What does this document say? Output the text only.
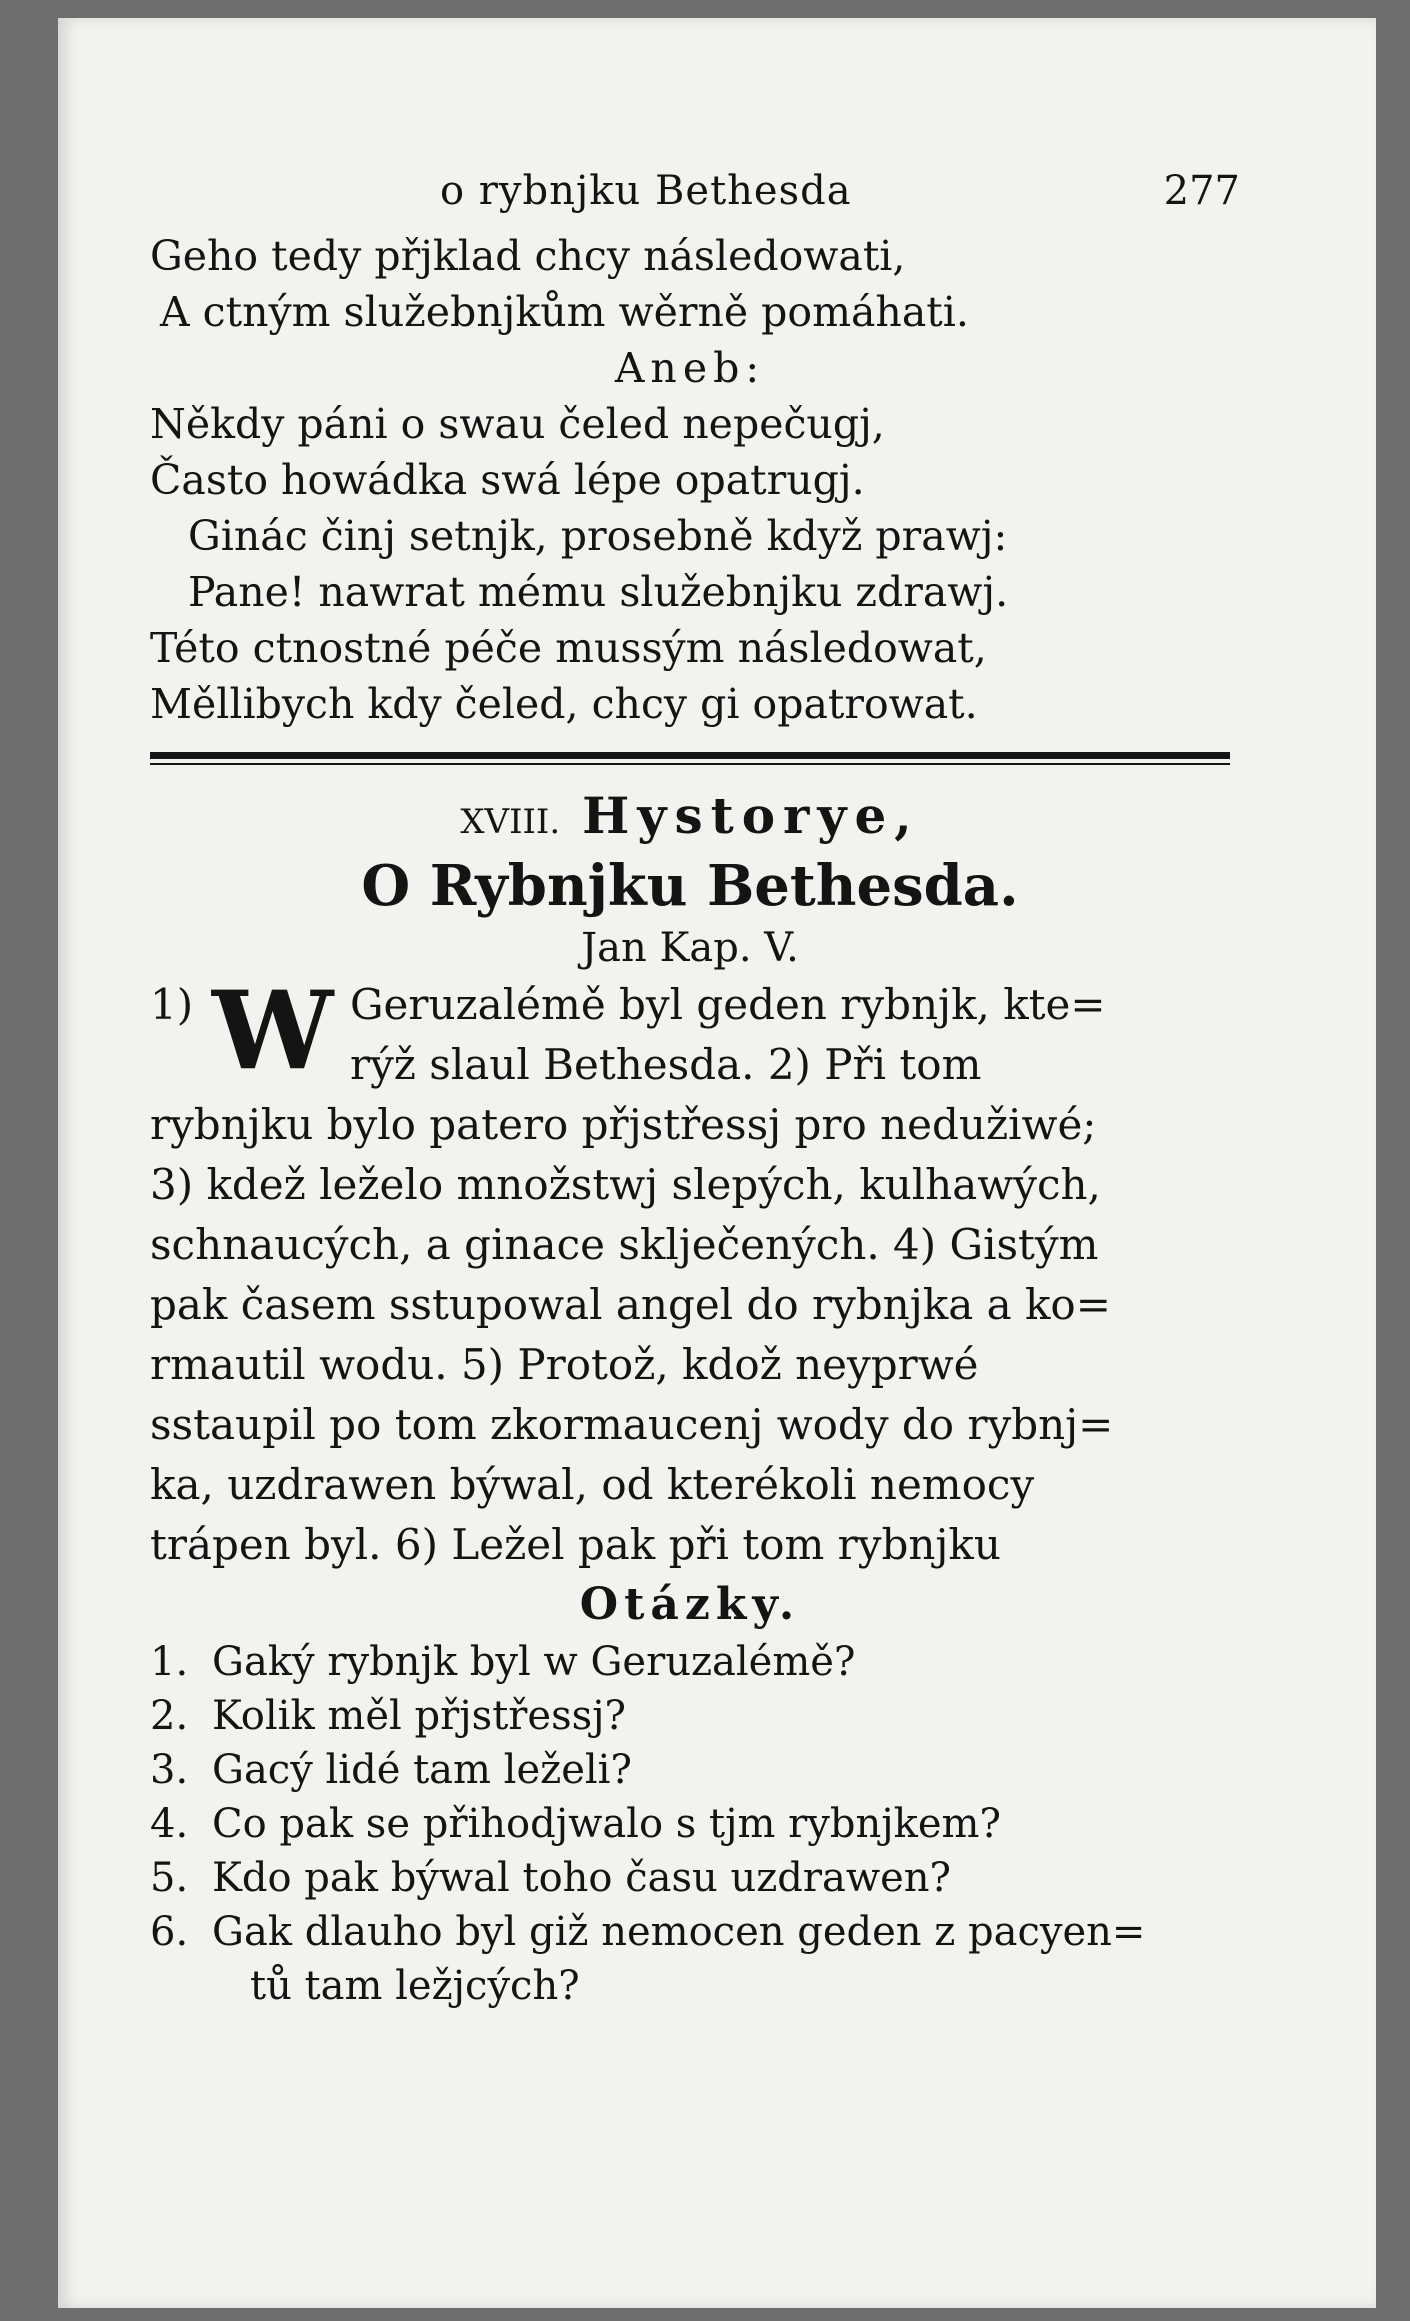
o rybnjku Bethesda	277
Geho tedy přjklad chcy následowati,
A ctným služebnjkům wěrně pomáhati.
Aneb:
Někdy páni o swau čeled nepečugj,
Často howádka swá lépe opatrugj.
Ginác činj setnjk, prosebně když prawj:
Pane! nawrat mému služebnjku zdrawj.
Této ctnostné péče mussým následowat,
Měllibych kdy čeled, chcy gi opatrowat.
XVIII. Hystorye,
O Rybnjku Bethesda.
Jan Kap. V.
1) W Geruzalémě byl geden rybnjk, kte=
rýž slaul Bethesda. 2) Při tom
rybnjku bylo patero přjstřessj pro nedužiwé;
3) kdež leželo množstwj slepých, kulhawých,
schnaucých, a ginace sklječených. 4) Gistým
pak časem sstupowal angel do rybnjka a ko=
rmautil wodu. 5) Protož, kdož neyprwé
sstaupil po tom zkormaucenj wody do rybnj=
ka, uzdrawen býwal, od kterékoli nemocy
trápen byl. 6) Ležel pak při tom rybnjku
Otázky.
1. Gaký rybnjk byl w Geruzalémě?
2. Kolik měl přjstřessj?
3. Gacý lidé tam leželi?
4. Co pak se přihodjwalo s tjm rybnjkem?
5. Kdo pak býwal toho času uzdrawen?
6. Gak dlauho byl giž nemocen geden z pacyen=
tů tam ležjcých?
